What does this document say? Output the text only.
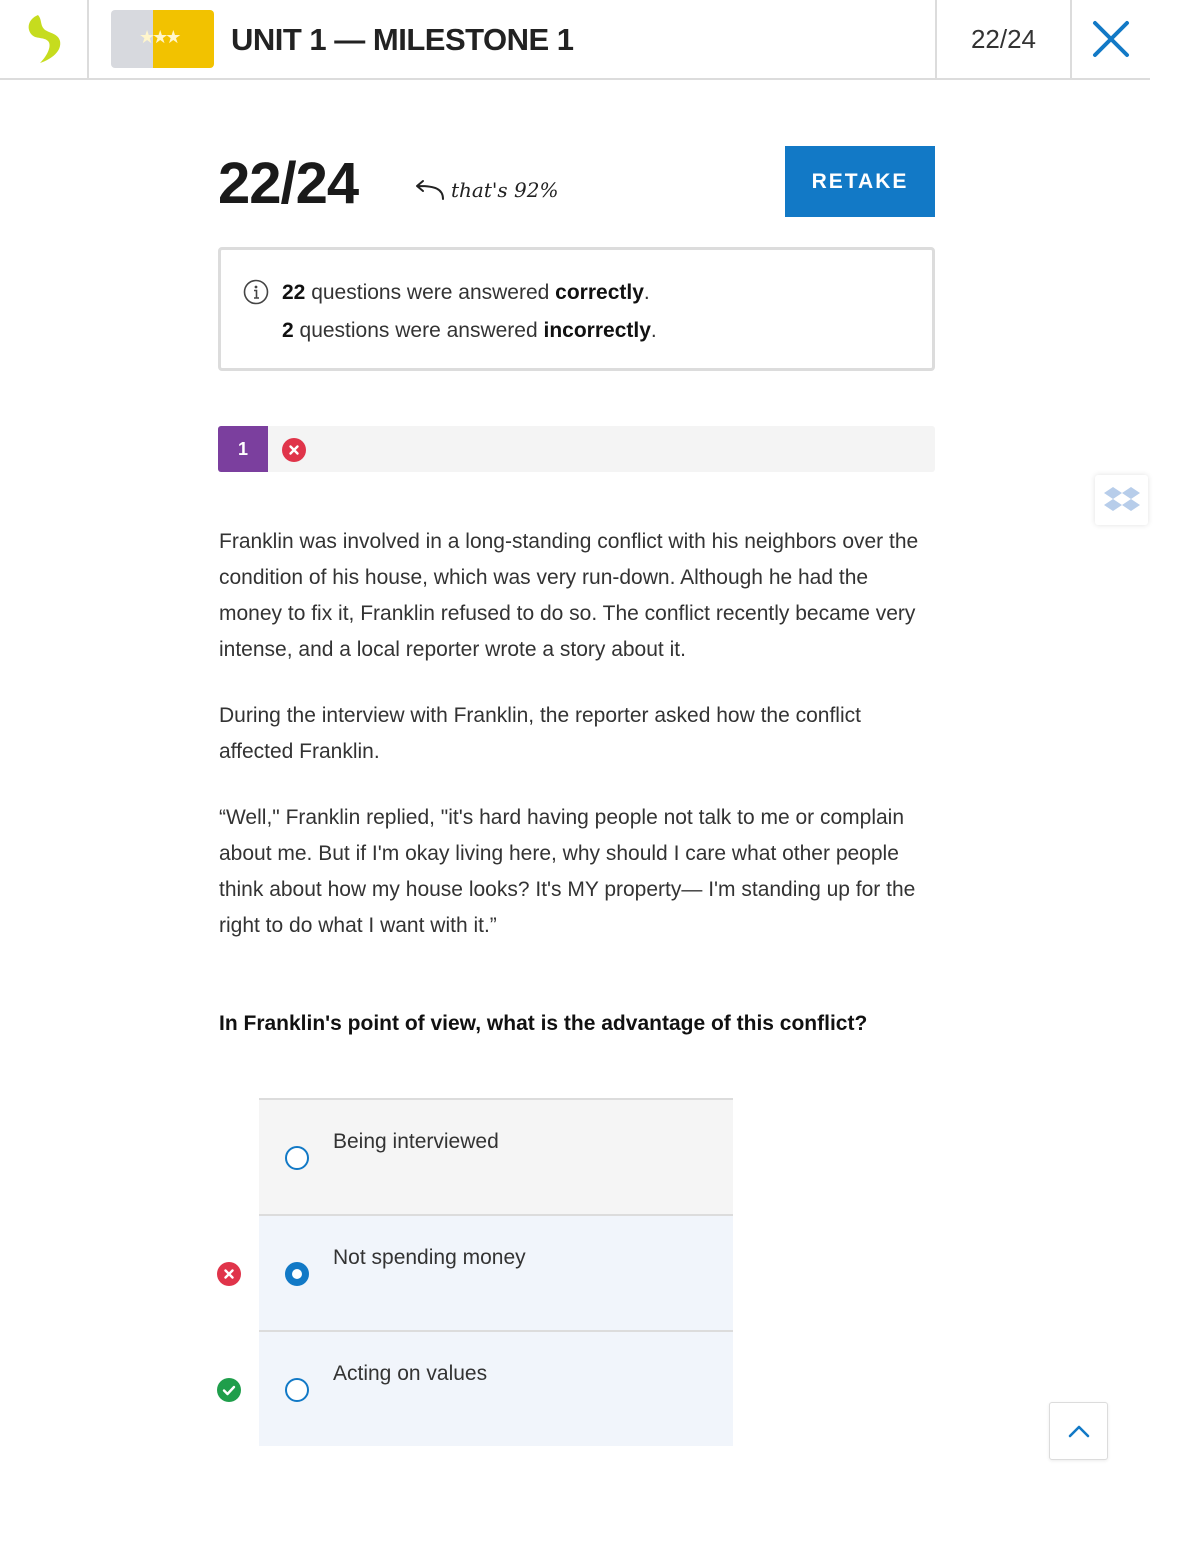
★★★ UNIT 1 — MILESTONE 1	22/24
22/24	that's 92%	RETAKE
22 questions were answered correctly.
2 questions were answered incorrectly.
1

Franklin was involved in a long-standing conflict with his neighbors over the condition of his house, which was very run-down. Although he had the money to fix it, Franklin refused to do so. The conflict recently became very intense, and a local reporter wrote a story about it.

During the interview with Franklin, the reporter asked how the conflict affected Franklin.

“Well," Franklin replied, "it's hard having people not talk to me or complain about me. But if I'm okay living here, why should I care what other people think about how my house looks? It's MY property— I'm standing up for the right to do what I want with it.”

In Franklin's point of view, what is the advantage of this conflict?
Being interviewed
Not spending money
Acting on values
